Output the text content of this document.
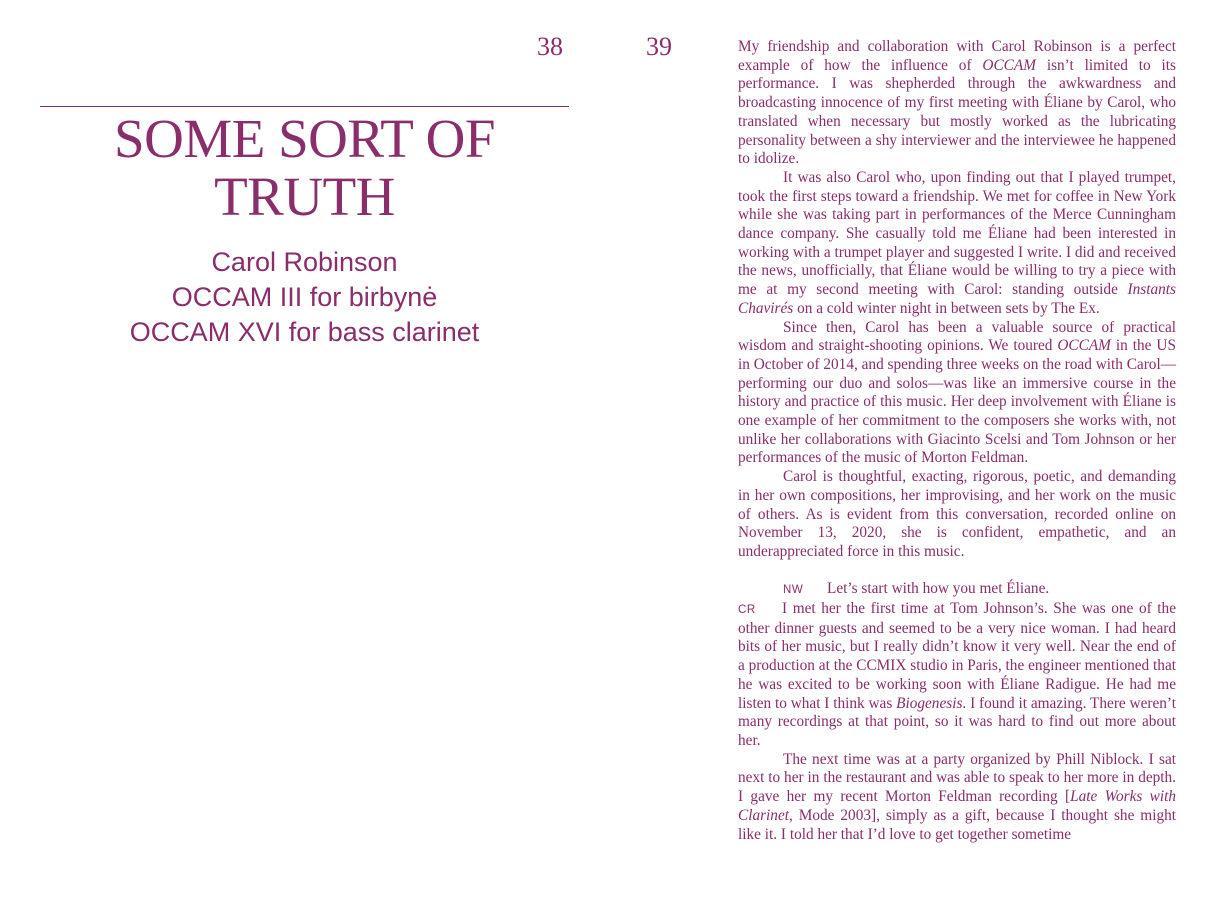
38	39
SOME SORT OF
TRUTH
Carol Robinson
OCCAM III for birbynė
OCCAM XVI for bass clarinet

My friendship and collaboration with Carol Robinson is a perfect example of how the influence of OCCAM isn’t limited to its performance. I was shepherded through the awkwardness and broadcasting innocence of my first meeting with Éliane by Carol, who translated when necessary but mostly worked as the lubricating personality between a shy interviewer and the interviewee he happened to idolize.

It was also Carol who, upon finding out that I played trumpet, took the first steps toward a friendship. We met for coffee in New York while she was taking part in performances of the Merce Cunningham dance company. She casually told me Éliane had been interested in working with a trumpet player and suggested I write. I did and received the news, unofficially, that Éliane would be willing to try a piece with me at my second meeting with Carol: standing outside Instants Chavirés on a cold winter night in between sets by The Ex.

Since then, Carol has been a valuable source of practical wisdom and straight-shooting opinions. We toured OCCAM in the US in October of 2014, and spending three weeks on the road with Carol—performing our duo and solos—was like an immersive course in the history and practice of this music. Her deep involvement with Éliane is one example of her commitment to the composers she works with, not unlike her collaborations with Giacinto Scelsi and Tom Johnson or her performances of the music of Morton Feldman.

Carol is thoughtful, exacting, rigorous, poetic, and demanding in her own compositions, her improvising, and her work on the music of others. As is evident from this conversation, recorded online on November 13, 2020, she is confident, empathetic, and an underappreciated force in this music.

NW Let’s start with how you met Éliane.

CR I met her the first time at Tom Johnson’s. She was one of the other dinner guests and seemed to be a very nice woman. I had heard bits of her music, but I really didn’t know it very well. Near the end of a production at the CCMIX studio in Paris, the engineer mentioned that he was excited to be working soon with Éliane Radigue. He had me listen to what I think was Biogenesis. I found it amazing. There weren’t many recordings at that point, so it was hard to find out more about her.

The next time was at a party organized by Phill Niblock. I sat next to her in the restaurant and was able to speak to her more in depth. I gave her my recent Morton Feldman recording [Late Works with Clarinet, Mode 2003], simply as a gift, because I thought she might like it. I told her that I’d love to get together sometime
